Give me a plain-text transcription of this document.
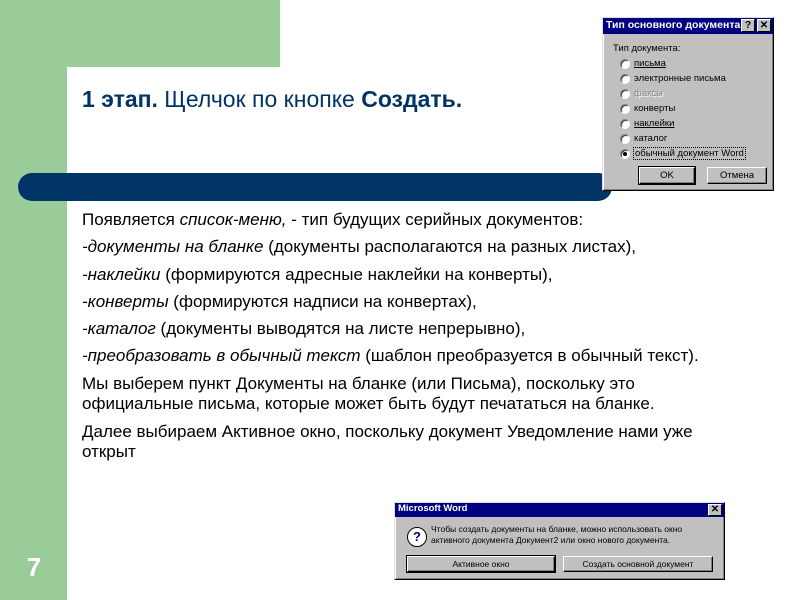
7
1 этап. Щелчок по кнопке Создать.

Появляется список-меню, - тип будущих серийных документов:

-документы на бланке (документы располагаются на разных листах),

-наклейки (формируются адресные наклейки на конверты),

-конверты (формируются надписи на конвертах),

-каталог (документы выводятся на листе непрерывно),

-преобразовать в обычный текст (шаблон преобразуется в обычный текст).

Мы выберем пункт Документы на бланке (или Письма), поскольку это официальные письма, которые может быть будут печататься на бланке.

Далее выбираем Активное окно, поскольку документ Уведомление нами уже открыт

Тип основного документа ? ✕
Тип документа:
письма
электронные письма
факсы
конверты
наклейки
каталог
обычный документ Word
OK	Отмена
Microsoft Word	✕
?	Чтобы создать документы на бланке, можно использовать окно активного документа Документ2 или окно нового документа.
Активное окно	Создать основной документ
